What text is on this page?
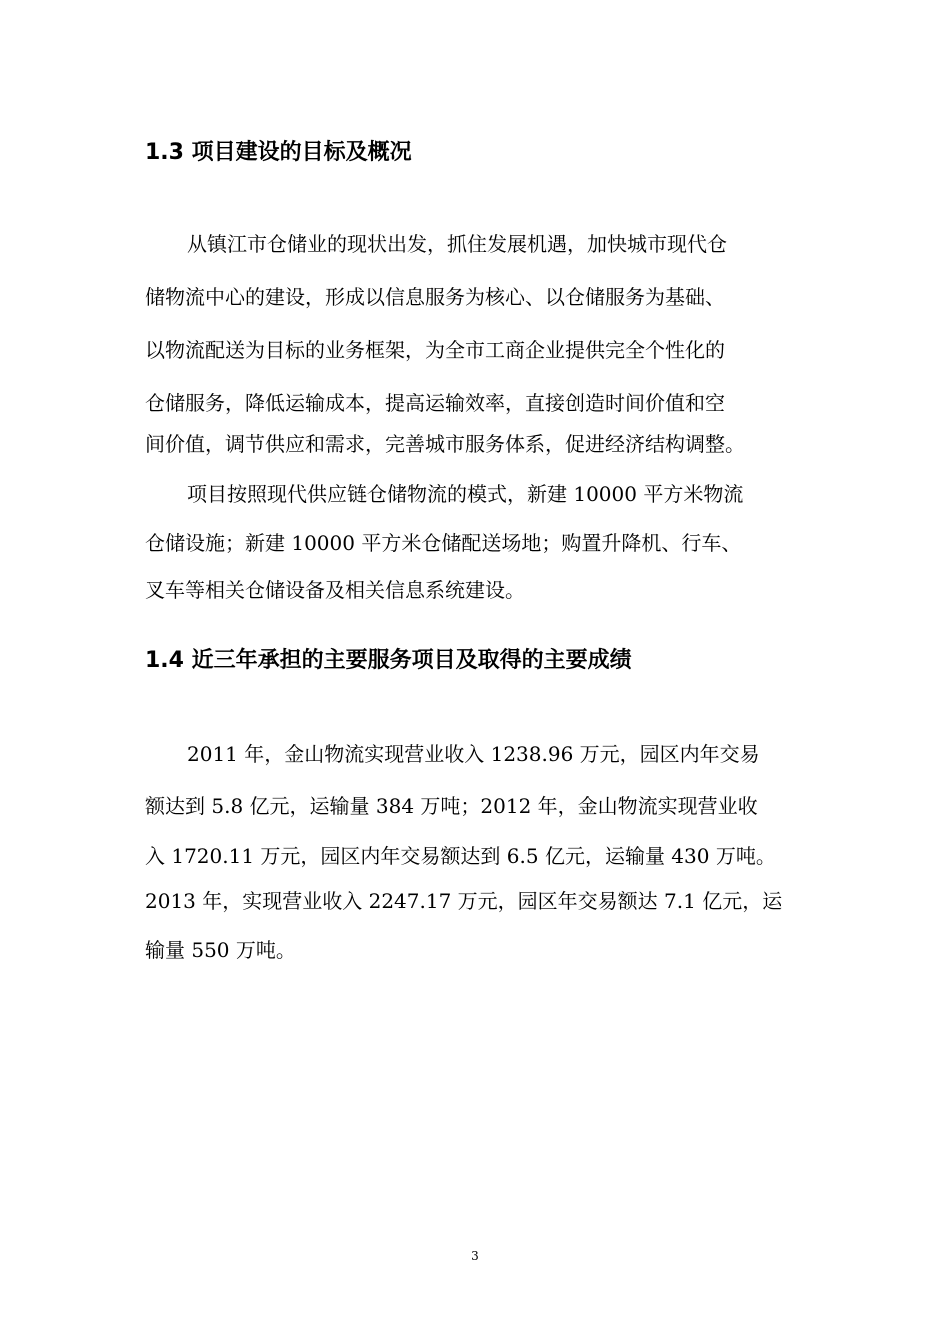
1.3 项目建设的目标及概况
从镇江市仓储业的现状出发，抓住发展机遇，加快城市现代仓
储物流中心的建设，形成以信息服务为核心、以仓储服务为基础、
以物流配送为目标的业务框架，为全市工商企业提供完全个性化的
仓储服务，降低运输成本，提高运输效率，直接创造时间价值和空
间价值，调节供应和需求，完善城市服务体系，促进经济结构调整。
项目按照现代供应链仓储物流的模式，新建 10000 平方米物流
仓储设施；新建 10000 平方米仓储配送场地；购置升降机、行车、
叉车等相关仓储设备及相关信息系统建设。
1.4 近三年承担的主要服务项目及取得的主要成绩
2011 年，金山物流实现营业收入 1238.96 万元，园区内年交易
额达到 5.8 亿元，运输量 384 万吨；2012 年，金山物流实现营业收
入 1720.11 万元，园区内年交易额达到 6.5 亿元，运输量 430 万吨。
2013 年，实现营业收入 2247.17 万元，园区年交易额达 7.1 亿元，运
输量 550 万吨。
3
